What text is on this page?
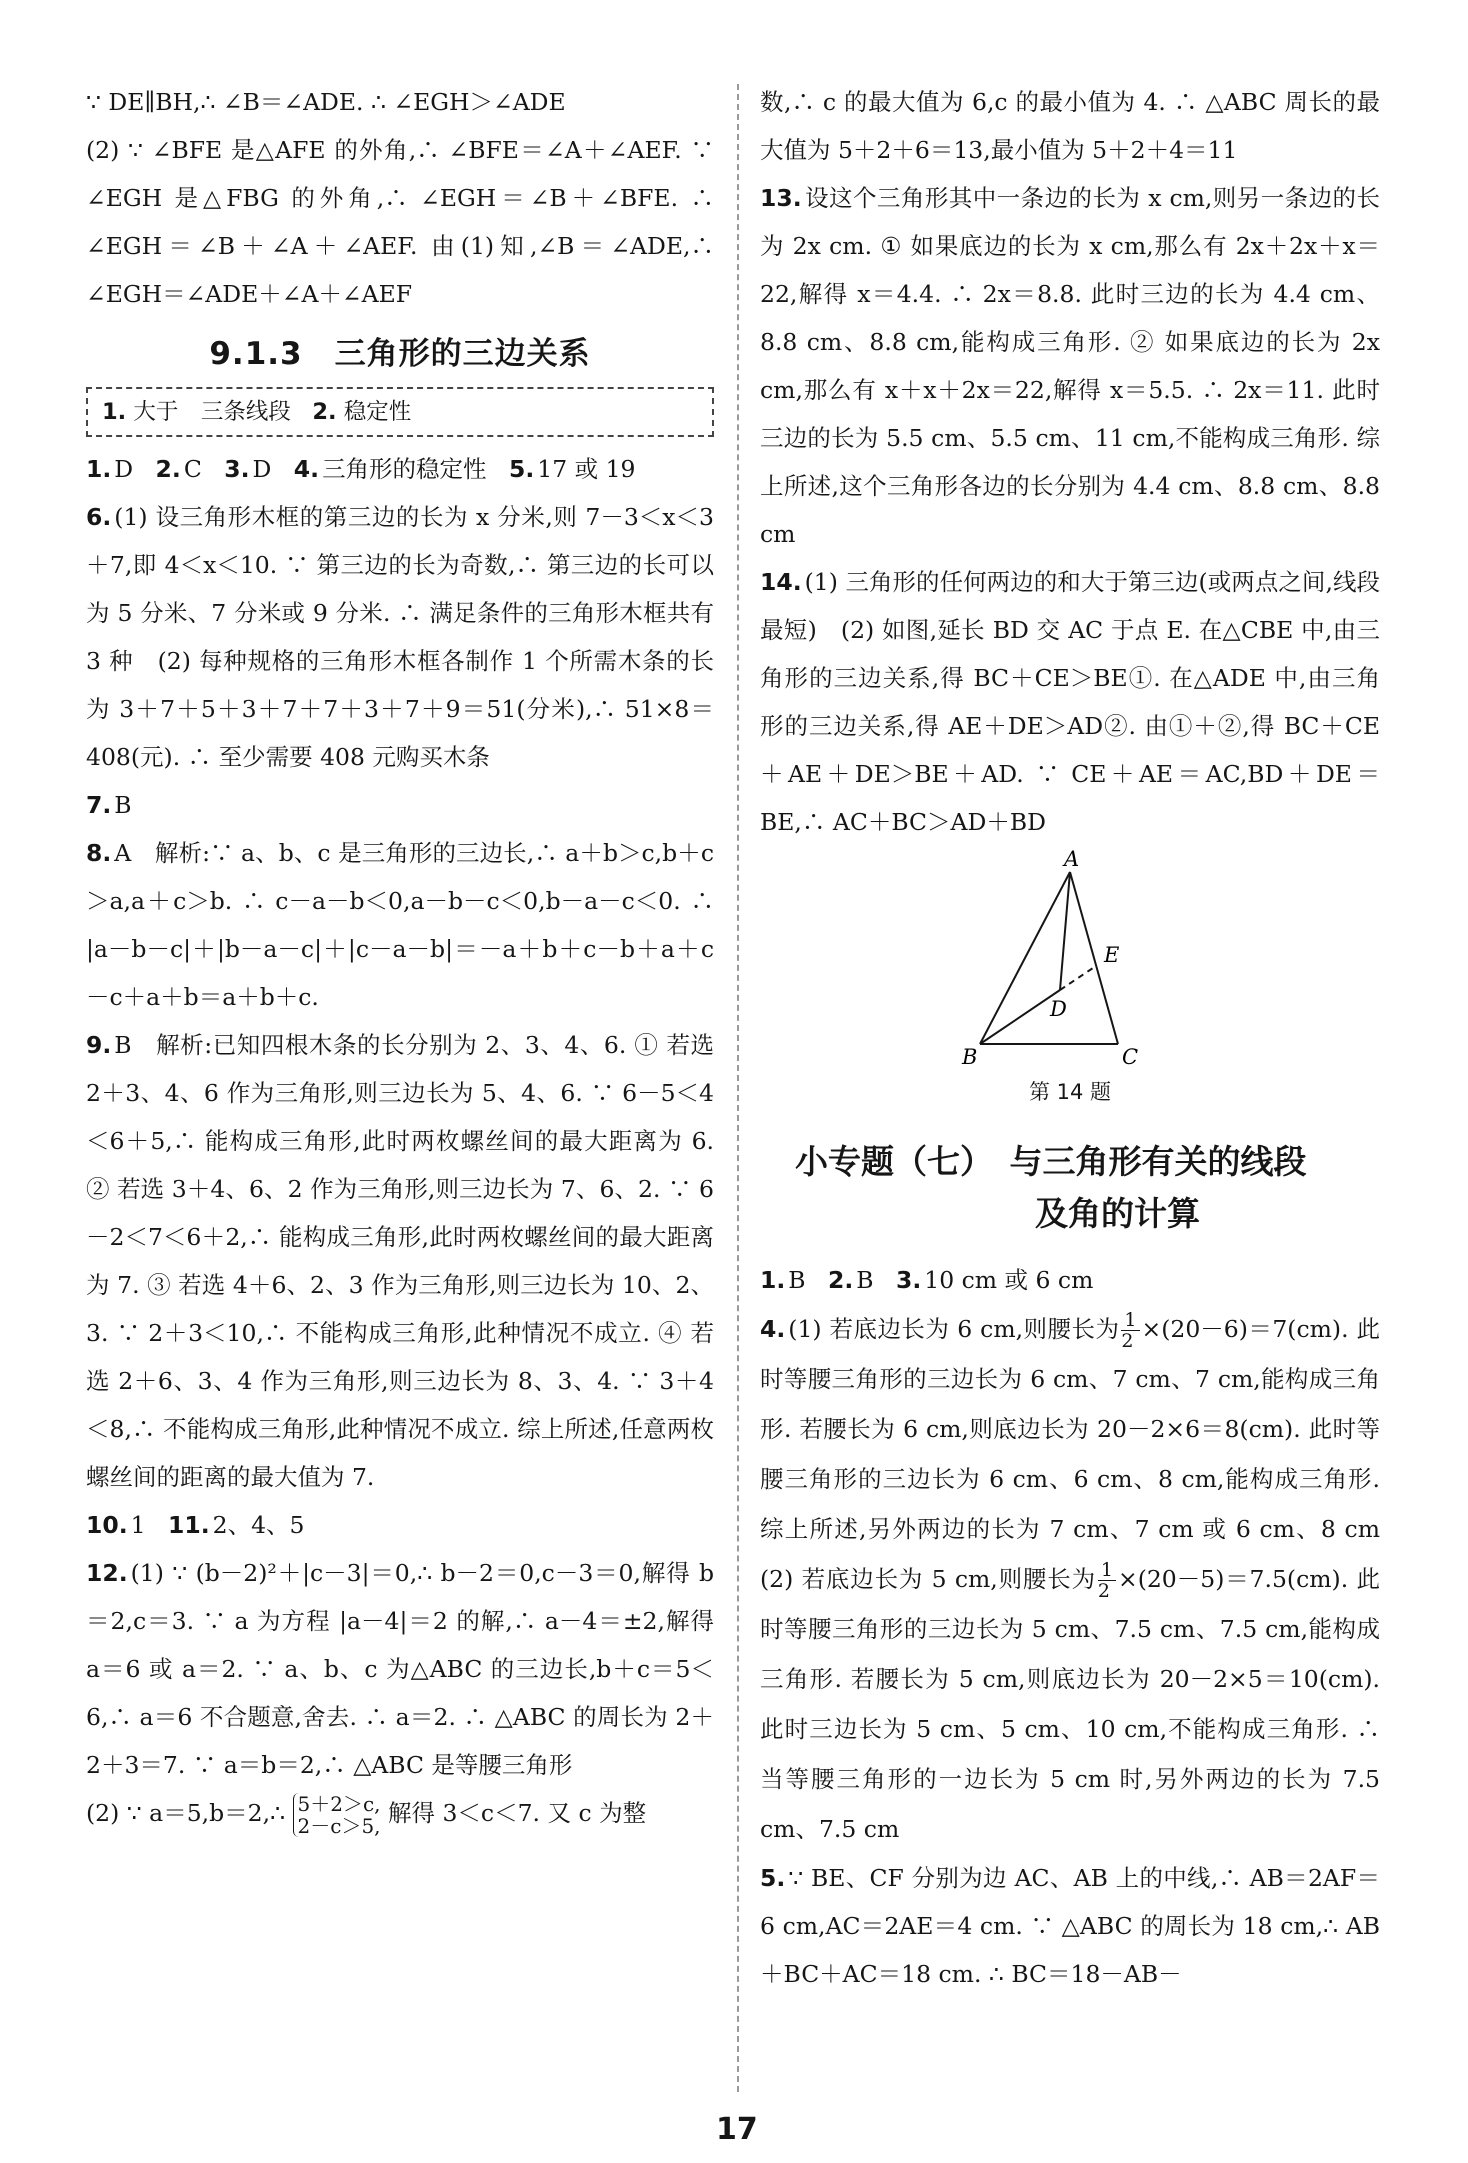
∵ DE∥BH,∴ ∠B＝∠ADE. ∴ ∠EGH＞∠ADE

(2) ∵ ∠BFE 是△AFE 的外角,∴ ∠BFE＝∠A＋∠AEF. ∵ ∠EGH 是△FBG 的外角,∴ ∠EGH＝∠B＋∠BFE. ∴ ∠EGH＝∠B＋∠A＋∠AEF. 由(1)知,∠B＝∠ADE,∴ ∠EGH＝∠ADE＋∠A＋∠AEF

9.1.3　三角形的三边关系
1. 大于　三条线段 2. 稳定性

1. D 2. C 3. D 4. 三角形的稳定性 5. 17 或 19

6. (1) 设三角形木框的第三边的长为 x 分米,则 7－3＜x＜3＋7,即 4＜x＜10. ∵ 第三边的长为奇数,∴ 第三边的长可以为 5 分米、7 分米或 9 分米. ∴ 满足条件的三角形木框共有 3 种　(2) 每种规格的三角形木框各制作 1 个所需木条的长为 3＋7＋5＋3＋7＋7＋3＋7＋9＝51(分米),∴ 51×8＝408(元). ∴ 至少需要 408 元购买木条

7. B

8. A　解析:∵ a、b、c 是三角形的三边长,∴ a＋b＞c,b＋c＞a,a＋c＞b. ∴ c－a－b＜0,a－b－c＜0,b－a－c＜0. ∴ |a－b－c|＋|b－a－c|＋|c－a－b|＝－a＋b＋c－b＋a＋c－c＋a＋b＝a＋b＋c.

9. B　解析:已知四根木条的长分别为 2、3、4、6. ① 若选 2＋3、4、6 作为三角形,则三边长为 5、4、6. ∵ 6－5＜4＜6＋5,∴ 能构成三角形,此时两枚螺丝间的最大距离为 6. ② 若选 3＋4、6、2 作为三角形,则三边长为 7、6、2. ∵ 6－2＜7＜6＋2,∴ 能构成三角形,此时两枚螺丝间的最大距离为 7. ③ 若选 4＋6、2、3 作为三角形,则三边长为 10、2、3. ∵ 2＋3＜10,∴ 不能构成三角形,此种情况不成立. ④ 若选 2＋6、3、4 作为三角形,则三边长为 8、3、4. ∵ 3＋4＜8,∴ 不能构成三角形,此种情况不成立. 综上所述,任意两枚螺丝间的距离的最大值为 7.

10. 1 11. 2、4、5

12. (1) ∵ (b－2)²＋|c－3|＝0,∴ b－2＝0,c－3＝0,解得 b＝2,c＝3. ∵ a 为方程 |a－4|＝2 的解,∴ a－4＝±2,解得 a＝6 或 a＝2. ∵ a、b、c 为△ABC 的三边长,b＋c＝5＜6,∴ a＝6 不合题意,舍去. ∴ a＝2. ∴ △ABC 的周长为 2＋2＋3＝7. ∵ a＝b＝2,∴ △ABC 是等腰三角形

(2) ∵ a＝5,b＝2,∴ 5＋2＞c,
2－c＞5, 解得 3＜c＜7. 又 c 为整

数,∴ c 的最大值为 6,c 的最小值为 4. ∴ △ABC 周长的最大值为 5＋2＋6＝13,最小值为 5＋2＋4＝11

13. 设这个三角形其中一条边的长为 x cm,则另一条边的长为 2x cm. ① 如果底边的长为 x cm,那么有 2x＋2x＋x＝22,解得 x＝4.4. ∴ 2x＝8.8. 此时三边的长为 4.4 cm、8.8 cm、8.8 cm,能构成三角形. ② 如果底边的长为 2x cm,那么有 x＋x＋2x＝22,解得 x＝5.5. ∴ 2x＝11. 此时三边的长为 5.5 cm、5.5 cm、11 cm,不能构成三角形. 综上所述,这个三角形各边的长分别为 4.4 cm、8.8 cm、8.8 cm

14. (1) 三角形的任何两边的和大于第三边(或两点之间,线段最短)　(2) 如图,延长 BD 交 AC 于点 E. 在△CBE 中,由三角形的三边关系,得 BC＋CE＞BE①. 在△ADE 中,由三角形的三边关系,得 AE＋DE＞AD②. 由①＋②,得 BC＋CE＋AE＋DE＞BE＋AD. ∵ CE＋AE＝AC,BD＋DE＝BE,∴ AC＋BC＞AD＋BD

A
B	C
D
E
第 14 题
小专题（七）　与三角形有关的线段
及角的计算

1. B 2. B 3. 10 cm 或 6 cm

4. (1) 若底边长为 6 cm,则腰长为 $\frac{1}{2} \times(20-6)=7(cm)$. 此时等腰三角形的三边长为 6 cm、7 cm、7 cm,能构成三角形. 若腰长为 6 cm,则底边长为 20－2×6＝8(cm). 此时等腰三角形的三边长为 6 cm、6 cm、8 cm,能构成三角形. 综上所述,另外两边的长为 7 cm、7 cm 或 6 cm、8 cm　(2) 若底边长为 5 cm,则腰长为 $\frac{1}{2} \times(20-5)=7.5(cm)$. 此时等腰三角形的三边长为 5 cm、7.5 cm、7.5 cm,能构成三角形. 若腰长为 5 cm,则底边长为 20－2×5＝10(cm). 此时三边长为 5 cm、5 cm、10 cm,不能构成三角形. ∴ 当等腰三角形的一边长为 5 cm 时,另外两边的长为 7.5 cm、7.5 cm

5. ∵ BE、CF 分别为边 AC、AB 上的中线,∴ AB＝2AF＝6 cm,AC＝2AE＝4 cm. ∵ △ABC 的周长为 18 cm,∴ AB＋BC＋AC＝18 cm. ∴ BC＝18－AB－

17
